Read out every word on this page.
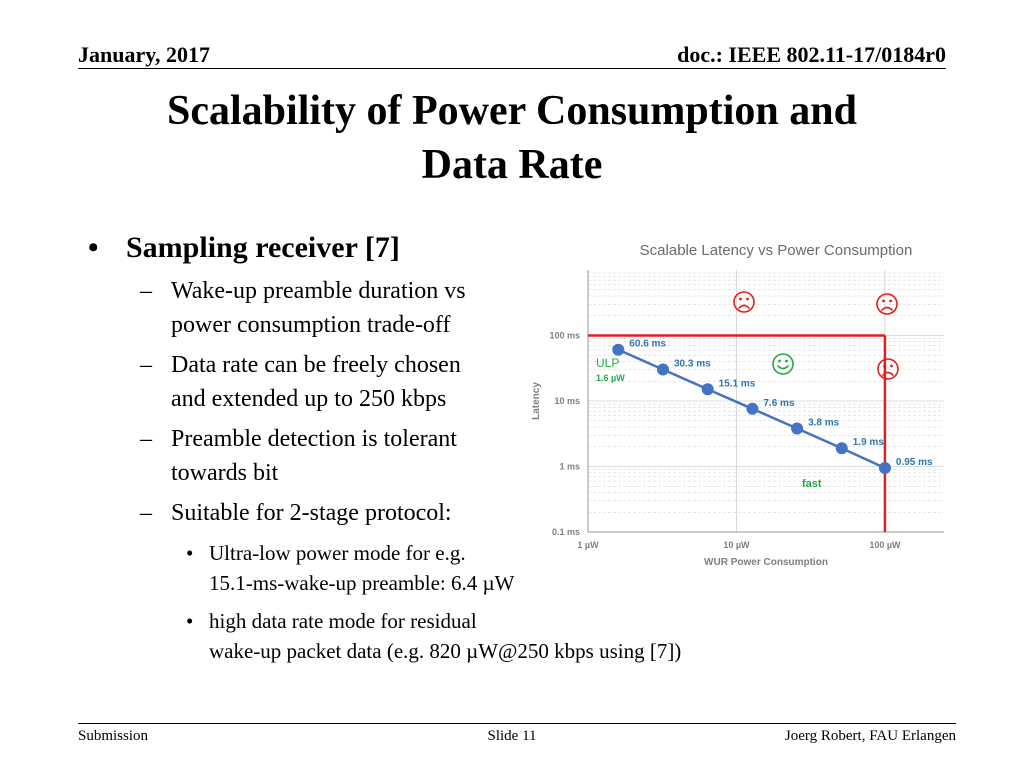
January, 2017	doc.: IEEE 802.11-17/0184r0
Scalability of Power Consumption and
Data Rate
• Sampling receiver [7]
– Wake-up preamble duration vs
power consumption trade-off
– Data rate can be freely chosen
and extended up to 250 kbps
– Preamble detection is tolerant
towards bit
– Suitable for 2-stage protocol:
• Ultra-low power mode for e.g.
15.1-ms-wake-up preamble: 6.4 µW
• high data rate mode for residual
wake-up packet data (e.g. 820 µW@250 kbps using [7])
Scalable Latency vs Power Consumption
60.6 ms
30.3 ms
15.1 ms
7.6 ms
3.8 ms
1.9 ms
0.95 ms
0.1 ms
1 ms
10 ms
100 ms
1 µW	10 µW	100 µW
ULP
1.6 µW
fast
WUR Power Consumption
Latency
Submission	Slide 11	Joerg Robert, FAU Erlangen
